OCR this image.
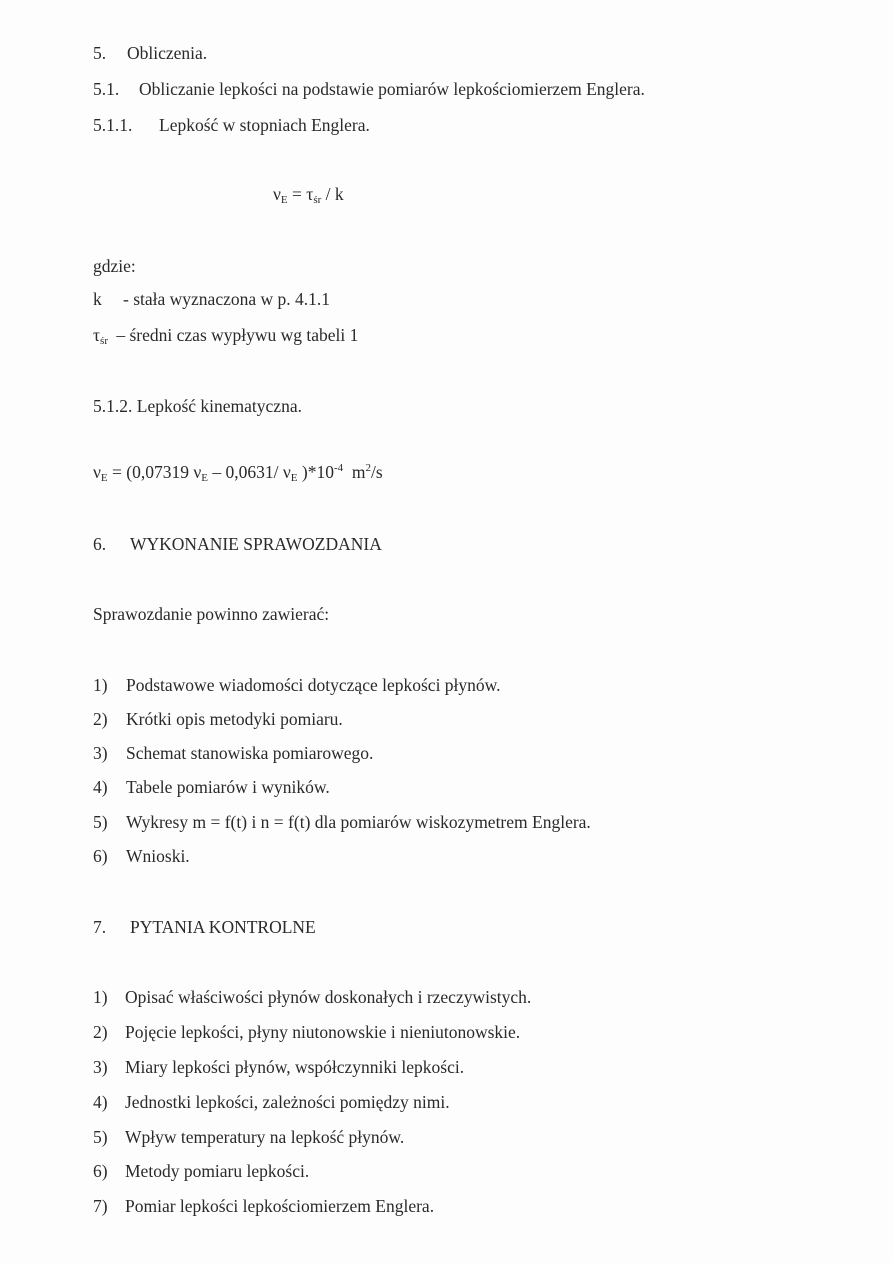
5. Obliczenia.
5.1. Obliczanie lepkości na podstawie pomiarów lepkościomierzem Englera.
5.1.1. Lepkość w stopniach Englera.
$\nu_E = \tau_{śr} / k$
gdzie:
k - stała wyznaczona w p. 4.1.1
$\tau_{śr}$ – średni czas wypływu wg tabeli 1
5.1.2. Lepkość kinematyczna.
$\nu_E = (0,07319$ $\nu_E - 0,0631/$ $\nu_E$ )$*10^{-4}$  $m^2/s$
6. WYKONANIE SPRAWOZDANIA
Sprawozdanie powinno zawierać:
1) Podstawowe wiadomości dotyczące lepkości płynów.
2) Krótki opis metodyki pomiaru.
3) Schemat stanowiska pomiarowego.
4) Tabele pomiarów i wyników.
5) Wykresy m = f(t) i n = f(t) dla pomiarów wiskozymetrem Englera.
6) Wnioski.
7. PYTANIA KONTROLNE
1) Opisać właściwości płynów doskonałych i rzeczywistych.
2) Pojęcie lepkości, płyny niutonowskie i nieniutonowskie.
3) Miary lepkości płynów, współczynniki lepkości.
4) Jednostki lepkości, zależności pomiędzy nimi.
5) Wpływ temperatury na lepkość płynów.
6) Metody pomiaru lepkości.
7) Pomiar lepkości lepkościomierzem Englera.
